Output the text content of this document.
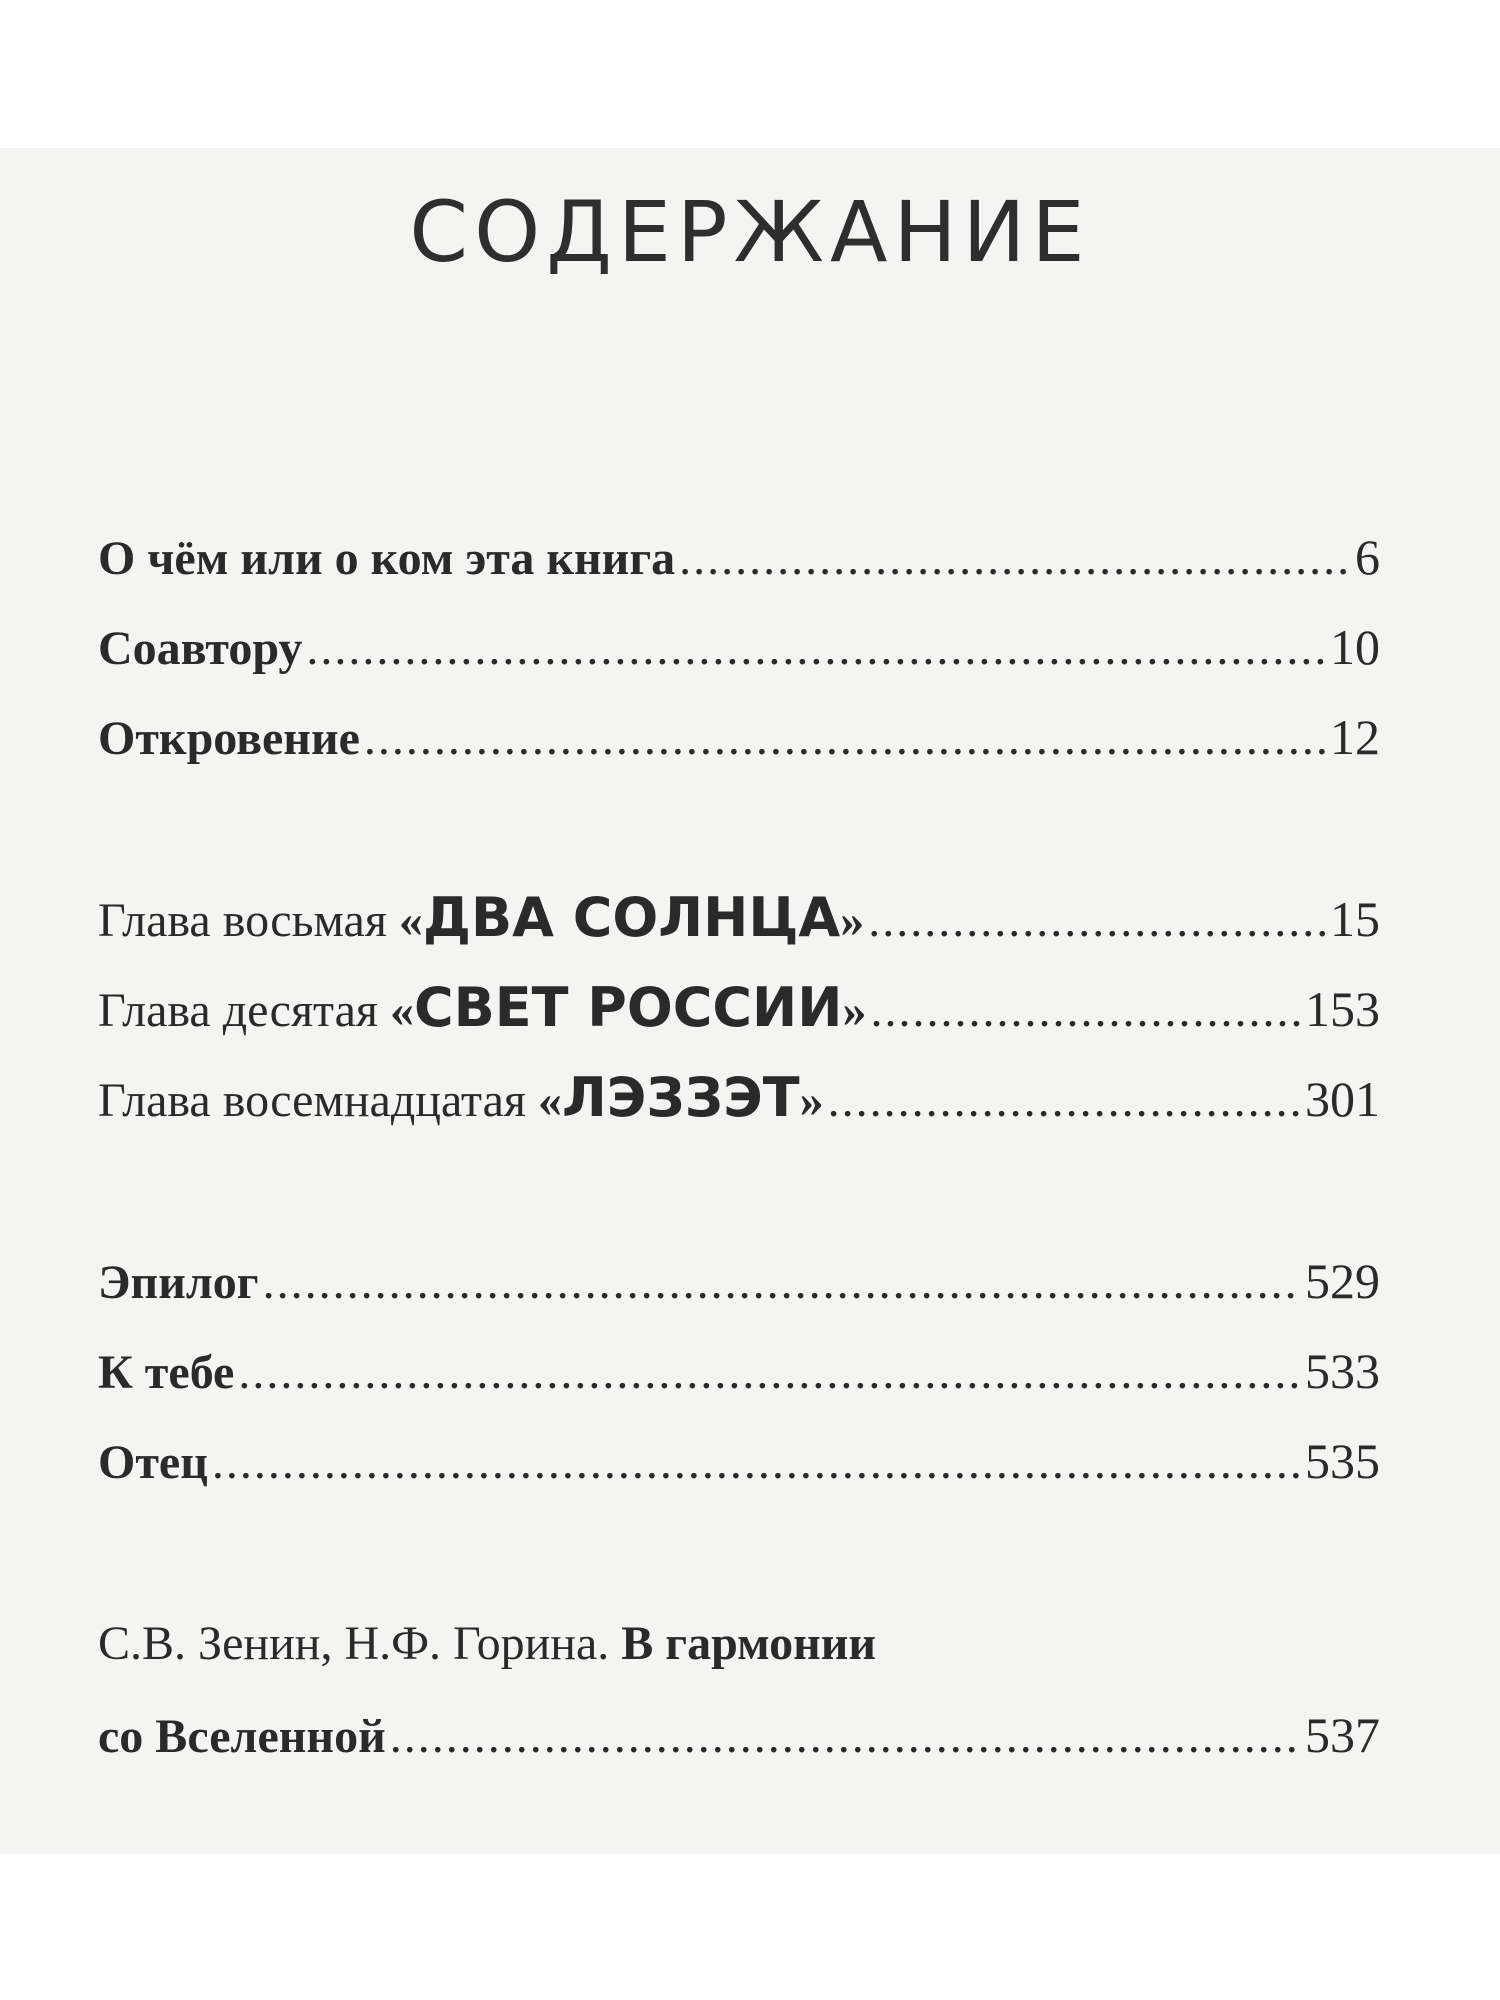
СОДЕРЖАНИЕ
О чём или о ком эта книга .....	6
Соавтору .....	10
Откровение .....	12
Глава восьмая «ДВА СОЛНЦА» .....	15
Глава десятая «СВЕТ РОССИИ» .....	153
Глава восемнадцатая «ЛЭЗЗЭТ» .....	301
Эпилог .....	529
К тебе .....	533
Отец .....	535
С.В. Зенин, Н.Ф. Горина. В гармонии
со Вселенной .....	537
